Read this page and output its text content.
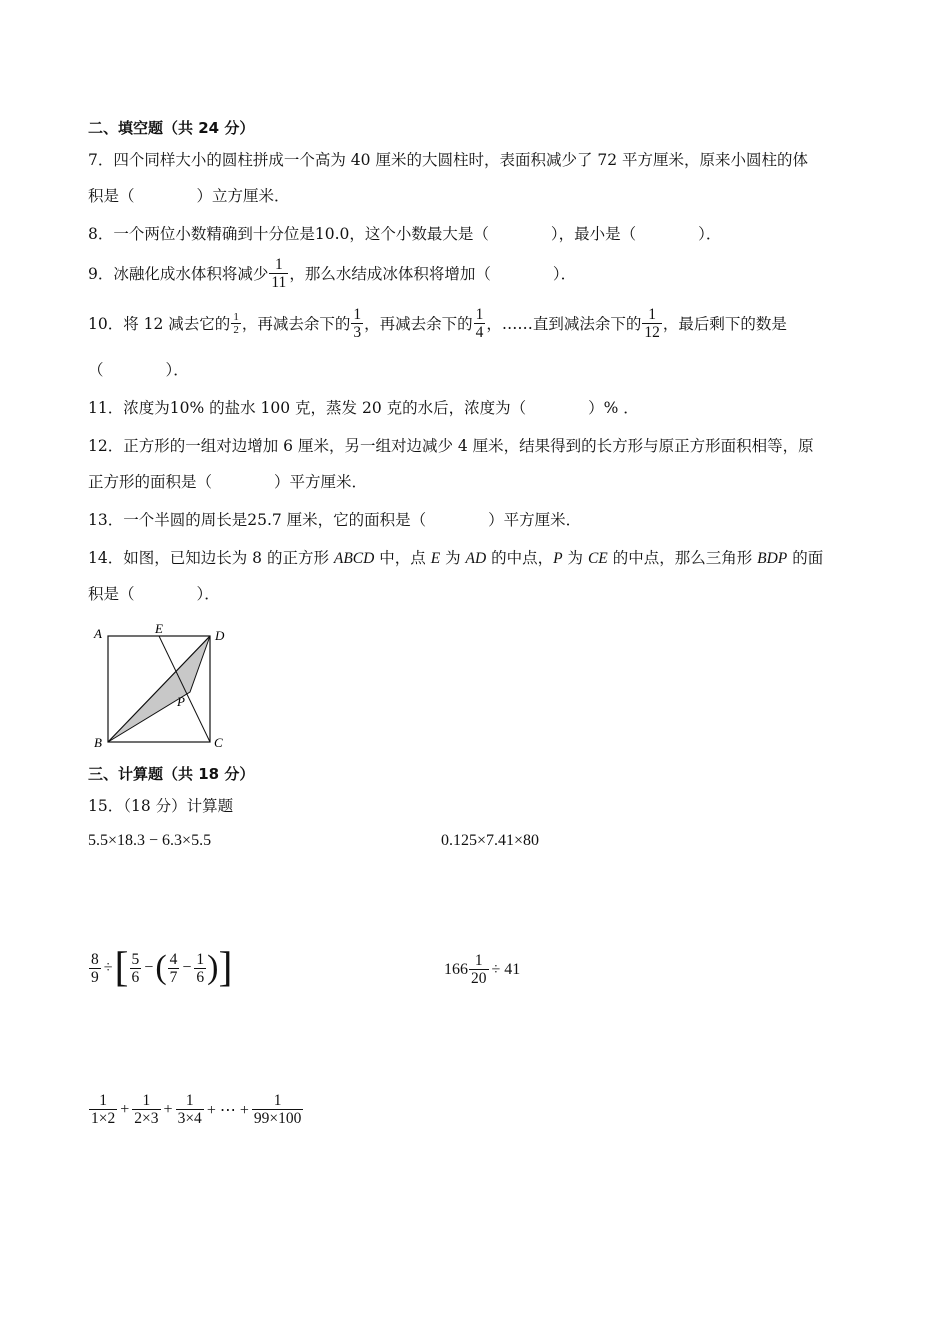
二、填空题（共 24 分）
7．四个同样大小的圆柱拼成一个高为 40 厘米的大圆柱时，表面积减少了 72 平方厘米，原来小圆柱的体
积是（　　　　）立方厘米．
8．一个两位小数精确到十分位是10.0，这个小数最大是（　　　　），最小是（　　　　）．
9．冰融化成水体积将减少 $\frac{1}{11}$ ，那么水结成冰体积将增加（　　　　）．
10．将 12 减去它的 $\frac{1}{2}$ ，再减去余下的 $\frac{1}{3}$ ，再减去余下的 $\frac{1}{4}$ ，……直到减法余下的 $\frac{1}{12}$ ，最后剩下的数是
（　　　　）．
11．浓度为10% 的盐水 100 克，蒸发 20 克的水后，浓度为（　　　　）% ．
12．正方形的一组对边增加 6 厘米，另一组对边减少 4 厘米，结果得到的长方形与原正方形面积相等，原
正方形的面积是（　　　　）平方厘米．
13．一个半圆的周长是25.7 厘米，它的面积是（　　　　）平方厘米．
14．如图，已知边长为 8 的正方形 ABCD 中，点 E 为 AD 的中点，P 为 CE 的中点，那么三角形 BDP 的面
积是（　　　　）．
A	E	D
P
B	C
三、计算题（共 18 分）
15．（18 分）计算题
5.5×18.3 − 6.3×5.5	0.125×7.41×80
$\frac{8}{9}$ ÷ [ $\frac{5}{6}$ − ( $\frac{4}{7} - \frac{1}{6}$ ) ]	$166 \frac{1}{20} \div 41$
$\frac{1}{1\times 2} + \frac{1}{2\times 3} + \frac{1}{3\times 4}$ + ⋯ + $\frac{1}{99\times 100}$
